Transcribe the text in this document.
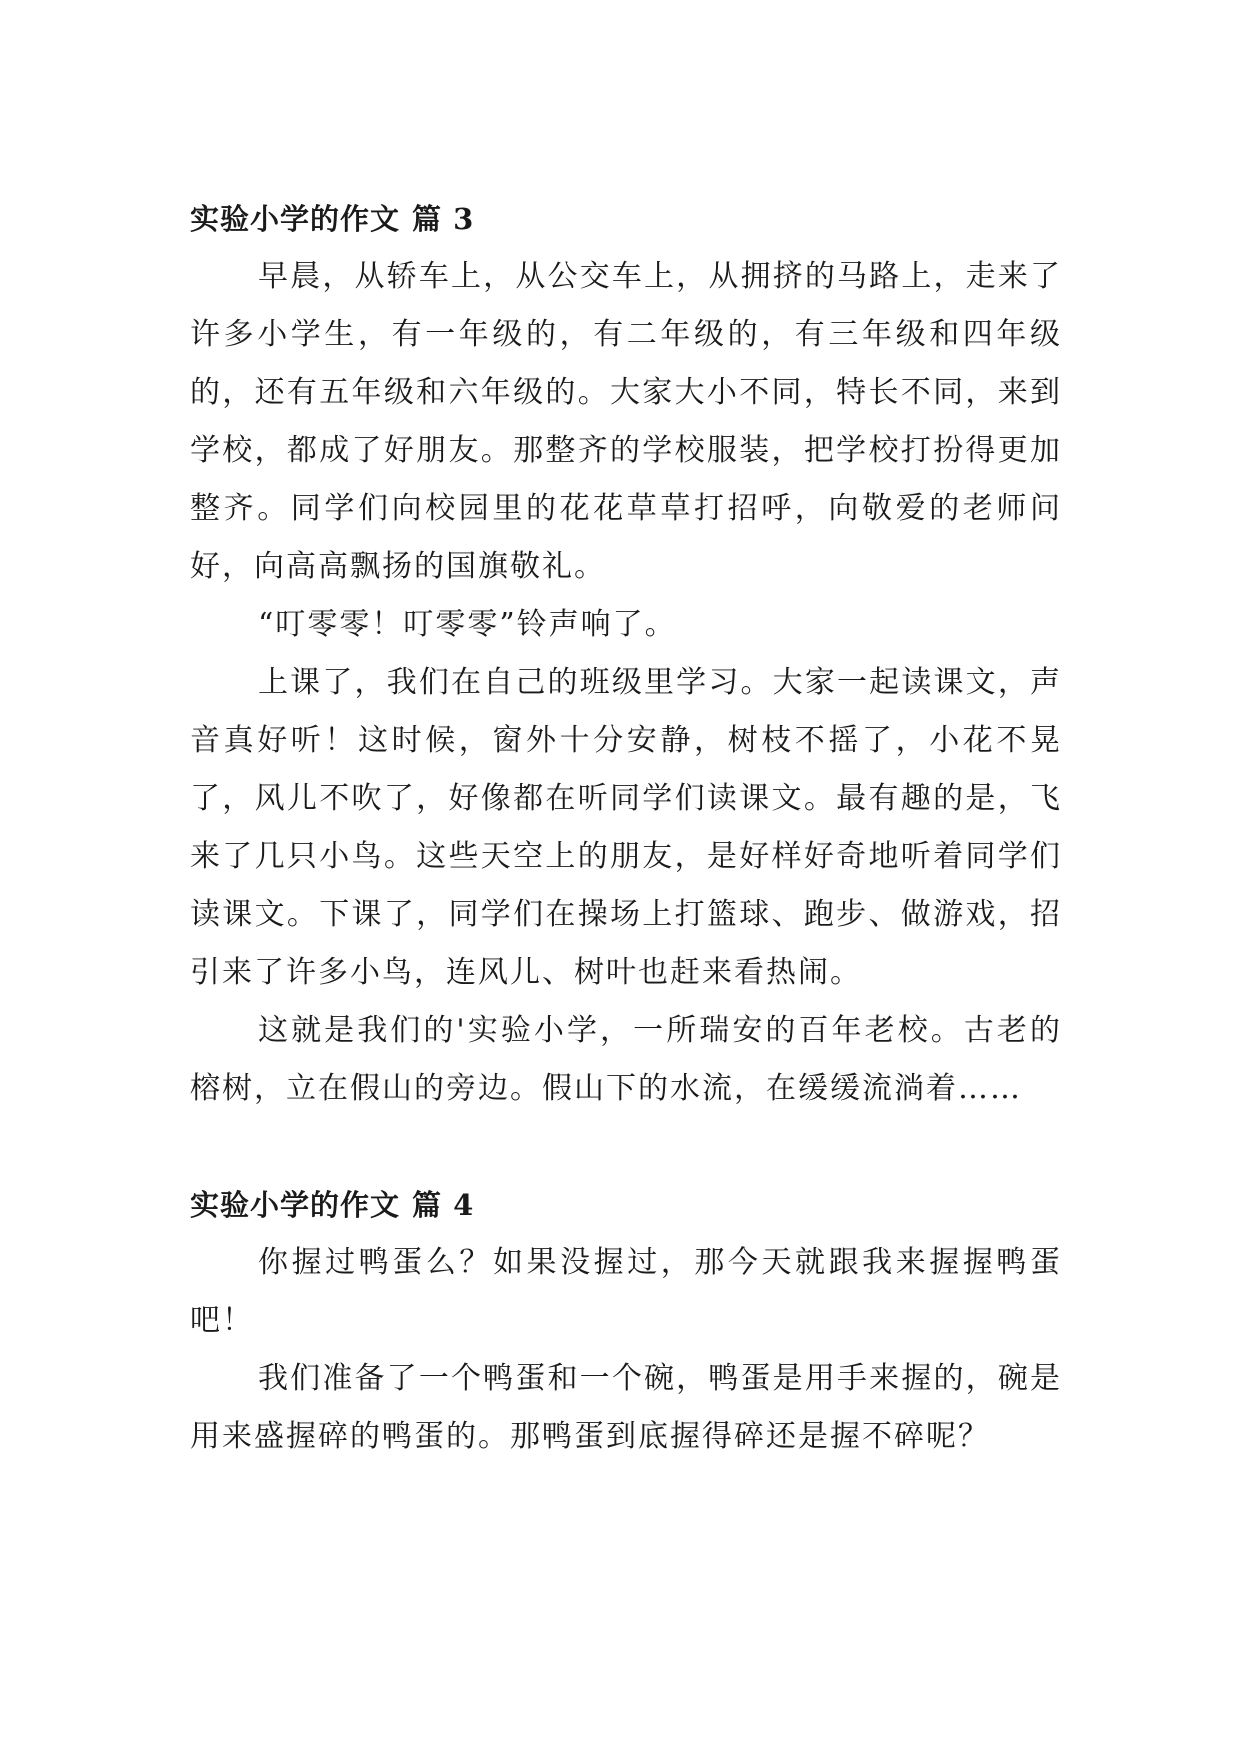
实验小学的作文 篇 3

早晨，从轿车上，从公交车上，从拥挤的马路上，走来了许多小学生，有一年级的，有二年级的，有三年级和四年级的，还有五年级和六年级的。大家大小不同，特长不同，来到学校，都成了好朋友。那整齐的学校服装，把学校打扮得更加整齐。同学们向校园里的花花草草打招呼，向敬爱的老师问好，向高高飘扬的国旗敬礼。

“叮零零！叮零零”铃声响了。

上课了，我们在自己的班级里学习。大家一起读课文，声音真好听！这时候，窗外十分安静，树枝不摇了，小花不晃了，风儿不吹了，好像都在听同学们读课文。最有趣的是，飞来了几只小鸟。这些天空上的朋友，是好样好奇地听着同学们读课文。下课了，同学们在操场上打篮球、跑步、做游戏，招引来了许多小鸟，连风儿、树叶也赶来看热闹。

这就是我们的'实验小学，一所瑞安的百年老校。古老的榕树，立在假山的旁边。假山下的水流，在缓缓流淌着……

实验小学的作文 篇 4

你握过鸭蛋么？如果没握过，那今天就跟我来握握鸭蛋吧！

我们准备了一个鸭蛋和一个碗，鸭蛋是用手来握的，碗是用来盛握碎的鸭蛋的。那鸭蛋到底握得碎还是握不碎呢？
